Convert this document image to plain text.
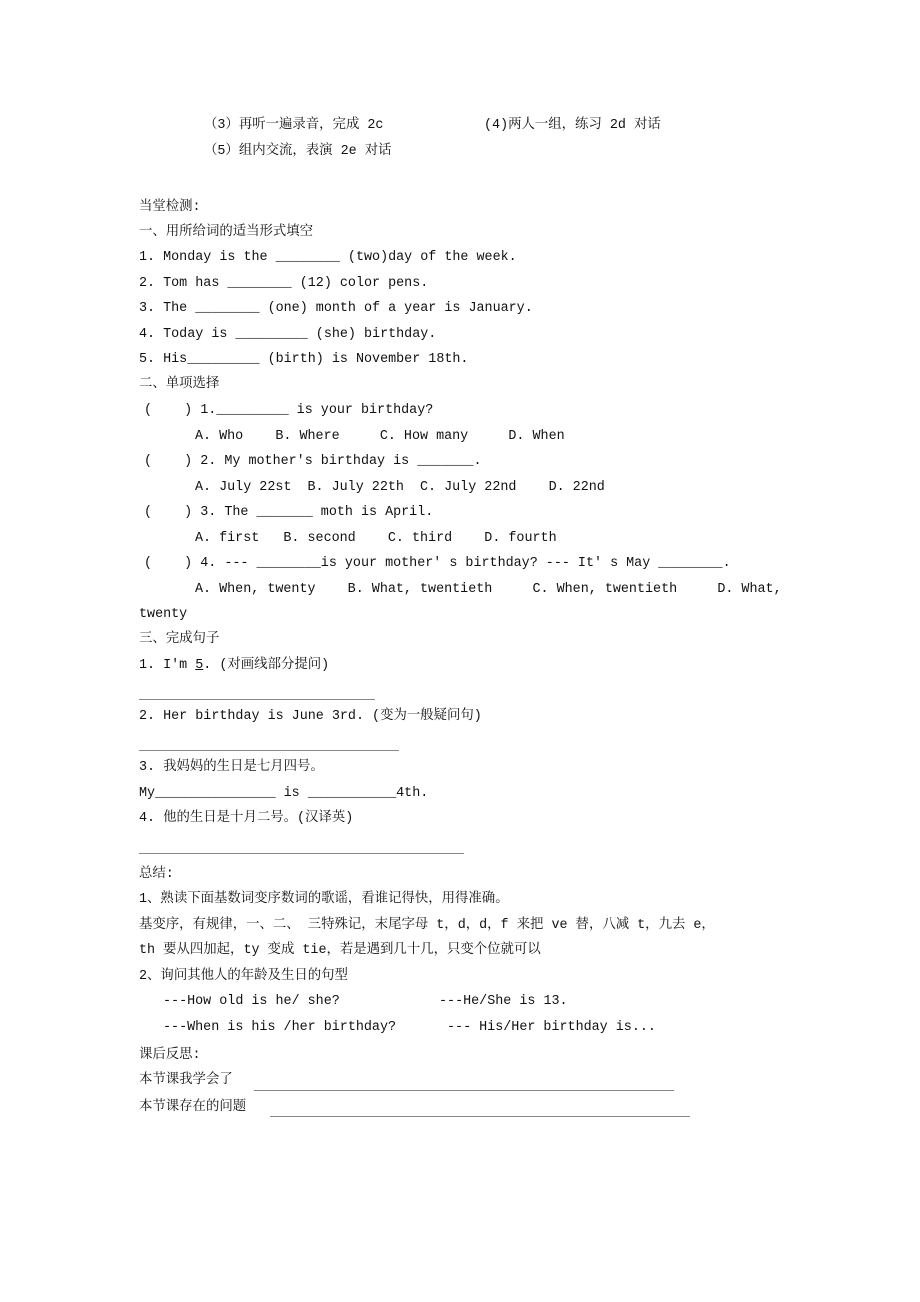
（3）再听一遍录音，完成 2c	(4)两人一组，练习 2d 对话
（5）组内交流，表演 2e 对话
当堂检测:
一、用所给词的适当形式填空
1. Monday is the ________ (two)day of the week.
2. Tom has ________ (12) color pens.
3. The ________ (one) month of a year is January.
4. Today is _________ (she) birthday.
5. His_________ (birth) is November 18th.
二、单项选择
(    ) 1._________ is your birthday?
A. Who    B. Where     C. How many     D. When
(    ) 2. My mother's birthday is _______.
A. July 22st  B. July 22th  C. July 22nd    D. 22nd
(    ) 3. The _______ moth is April.
A. first   B. second    C. third    D. fourth
(    ) 4. --- ________is your mother' s birthday? --- It' s May ________.
A. When, twenty    B. What, twentieth     C. When, twentieth     D. What,
twenty
三、完成句子
1. I'm 5. (对画线部分提问)
2. Her birthday is June 3rd. (变为一般疑问句)
3. 我妈妈的生日是七月四号。
My_______________ is ___________4th.
4. 他的生日是十月二号。(汉译英)
总结:
1、熟读下面基数词变序数词的歌谣，看谁记得快，用得准确。
基变序，有规律，一、二、 三特殊记，末尾字母 t，d，d，f 来把 ve 替，八减 t，九去 e，
th 要从四加起，ty 变成 tie，若是遇到几十几，只变个位就可以
2、询问其他人的年龄及生日的句型
---How old is he/ she?	---He/She is 13.
---When is his /her birthday?	--- His/Her birthday is...
课后反思:
本节课我学会了
本节课存在的问题
